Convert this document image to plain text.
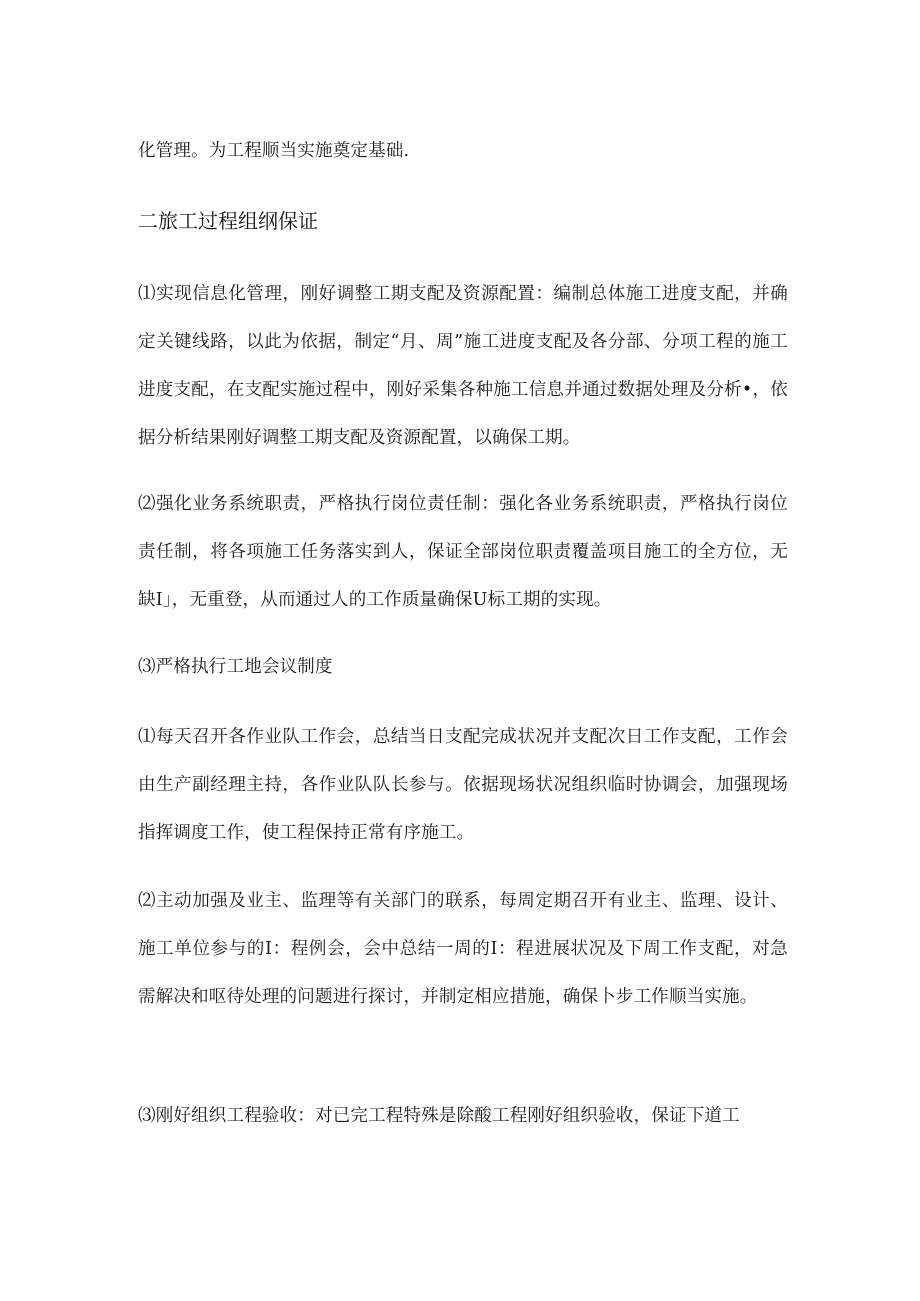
化管理。为工程顺当实施奠定基础.

二旅工过程组纲保证

⑴实现信息化管理，刚好调整工期支配及资源配置：编制总体施工进度支配，并确定关键线路，以此为依据，制定“月、周”施工进度支配及各分部、分项工程的施工进度支配，在支配实施过程中，刚好采集各种施工信息并通过数据处理及分析•，依据分析结果刚好调整工期支配及资源配置，以确保工期。

⑵强化业务系统职责，严格执行岗位责任制：强化各业务系统职责，严格执行岗位责任制，将各项施工任务落实到人，保证全部岗位职责覆盖项目施工的全方位，无缺I」，无重登，从而通过人的工作质量确保U标工期的实现。

⑶严格执行工地会议制度

⑴每天召开各作业队工作会，总结当日支配完成状况并支配次日工作支配，工作会由生产副经理主持，各作业队队长参与。依据现场状况组织临时协调会，加强现场指挥调度工作，使工程保持正常有序施工。

⑵主动加强及业主、监理等有关部门的联系，每周定期召开有业主、监理、设计、施工单位参与的I：程例会，会中总结一周的I：程进展状况及下周工作支配，对急需解决和呕待处理的问题进行探讨，并制定相应措施，确保卜步工作顺当实施。

⑶刚好组织工程验收：对已完工程特殊是除酸工程刚好组织验收，保证下道工
